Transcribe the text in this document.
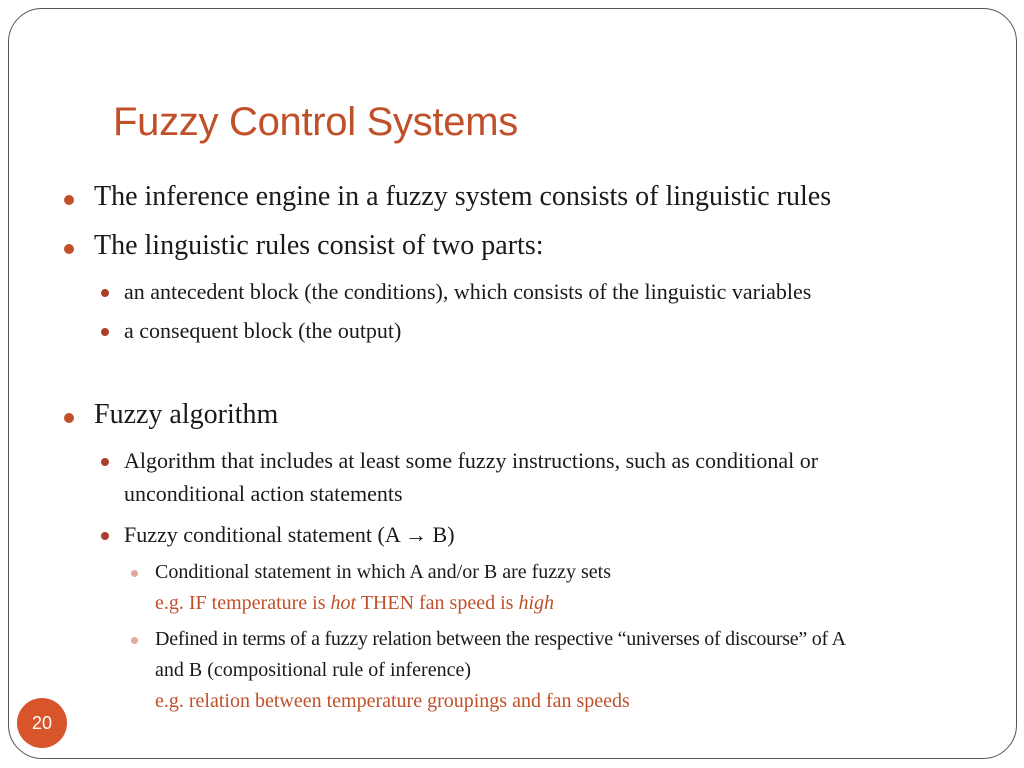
Fuzzy Control Systems
The inference engine in a fuzzy system consists of linguistic rules
The linguistic rules consist of two parts:
an antecedent block (the conditions), which consists of the linguistic variables
a consequent block (the output)
Fuzzy algorithm
Algorithm that includes at least some fuzzy instructions, such as conditional or
unconditional action statements
Fuzzy conditional statement (A → B)
Conditional statement in which A and/or B are fuzzy sets
e.g. IF temperature is hot THEN fan speed is high
Defined in terms of a fuzzy relation between the respective “universes of discourse” of A
and B (compositional rule of inference)
e.g. relation between temperature groupings and fan speeds
20
